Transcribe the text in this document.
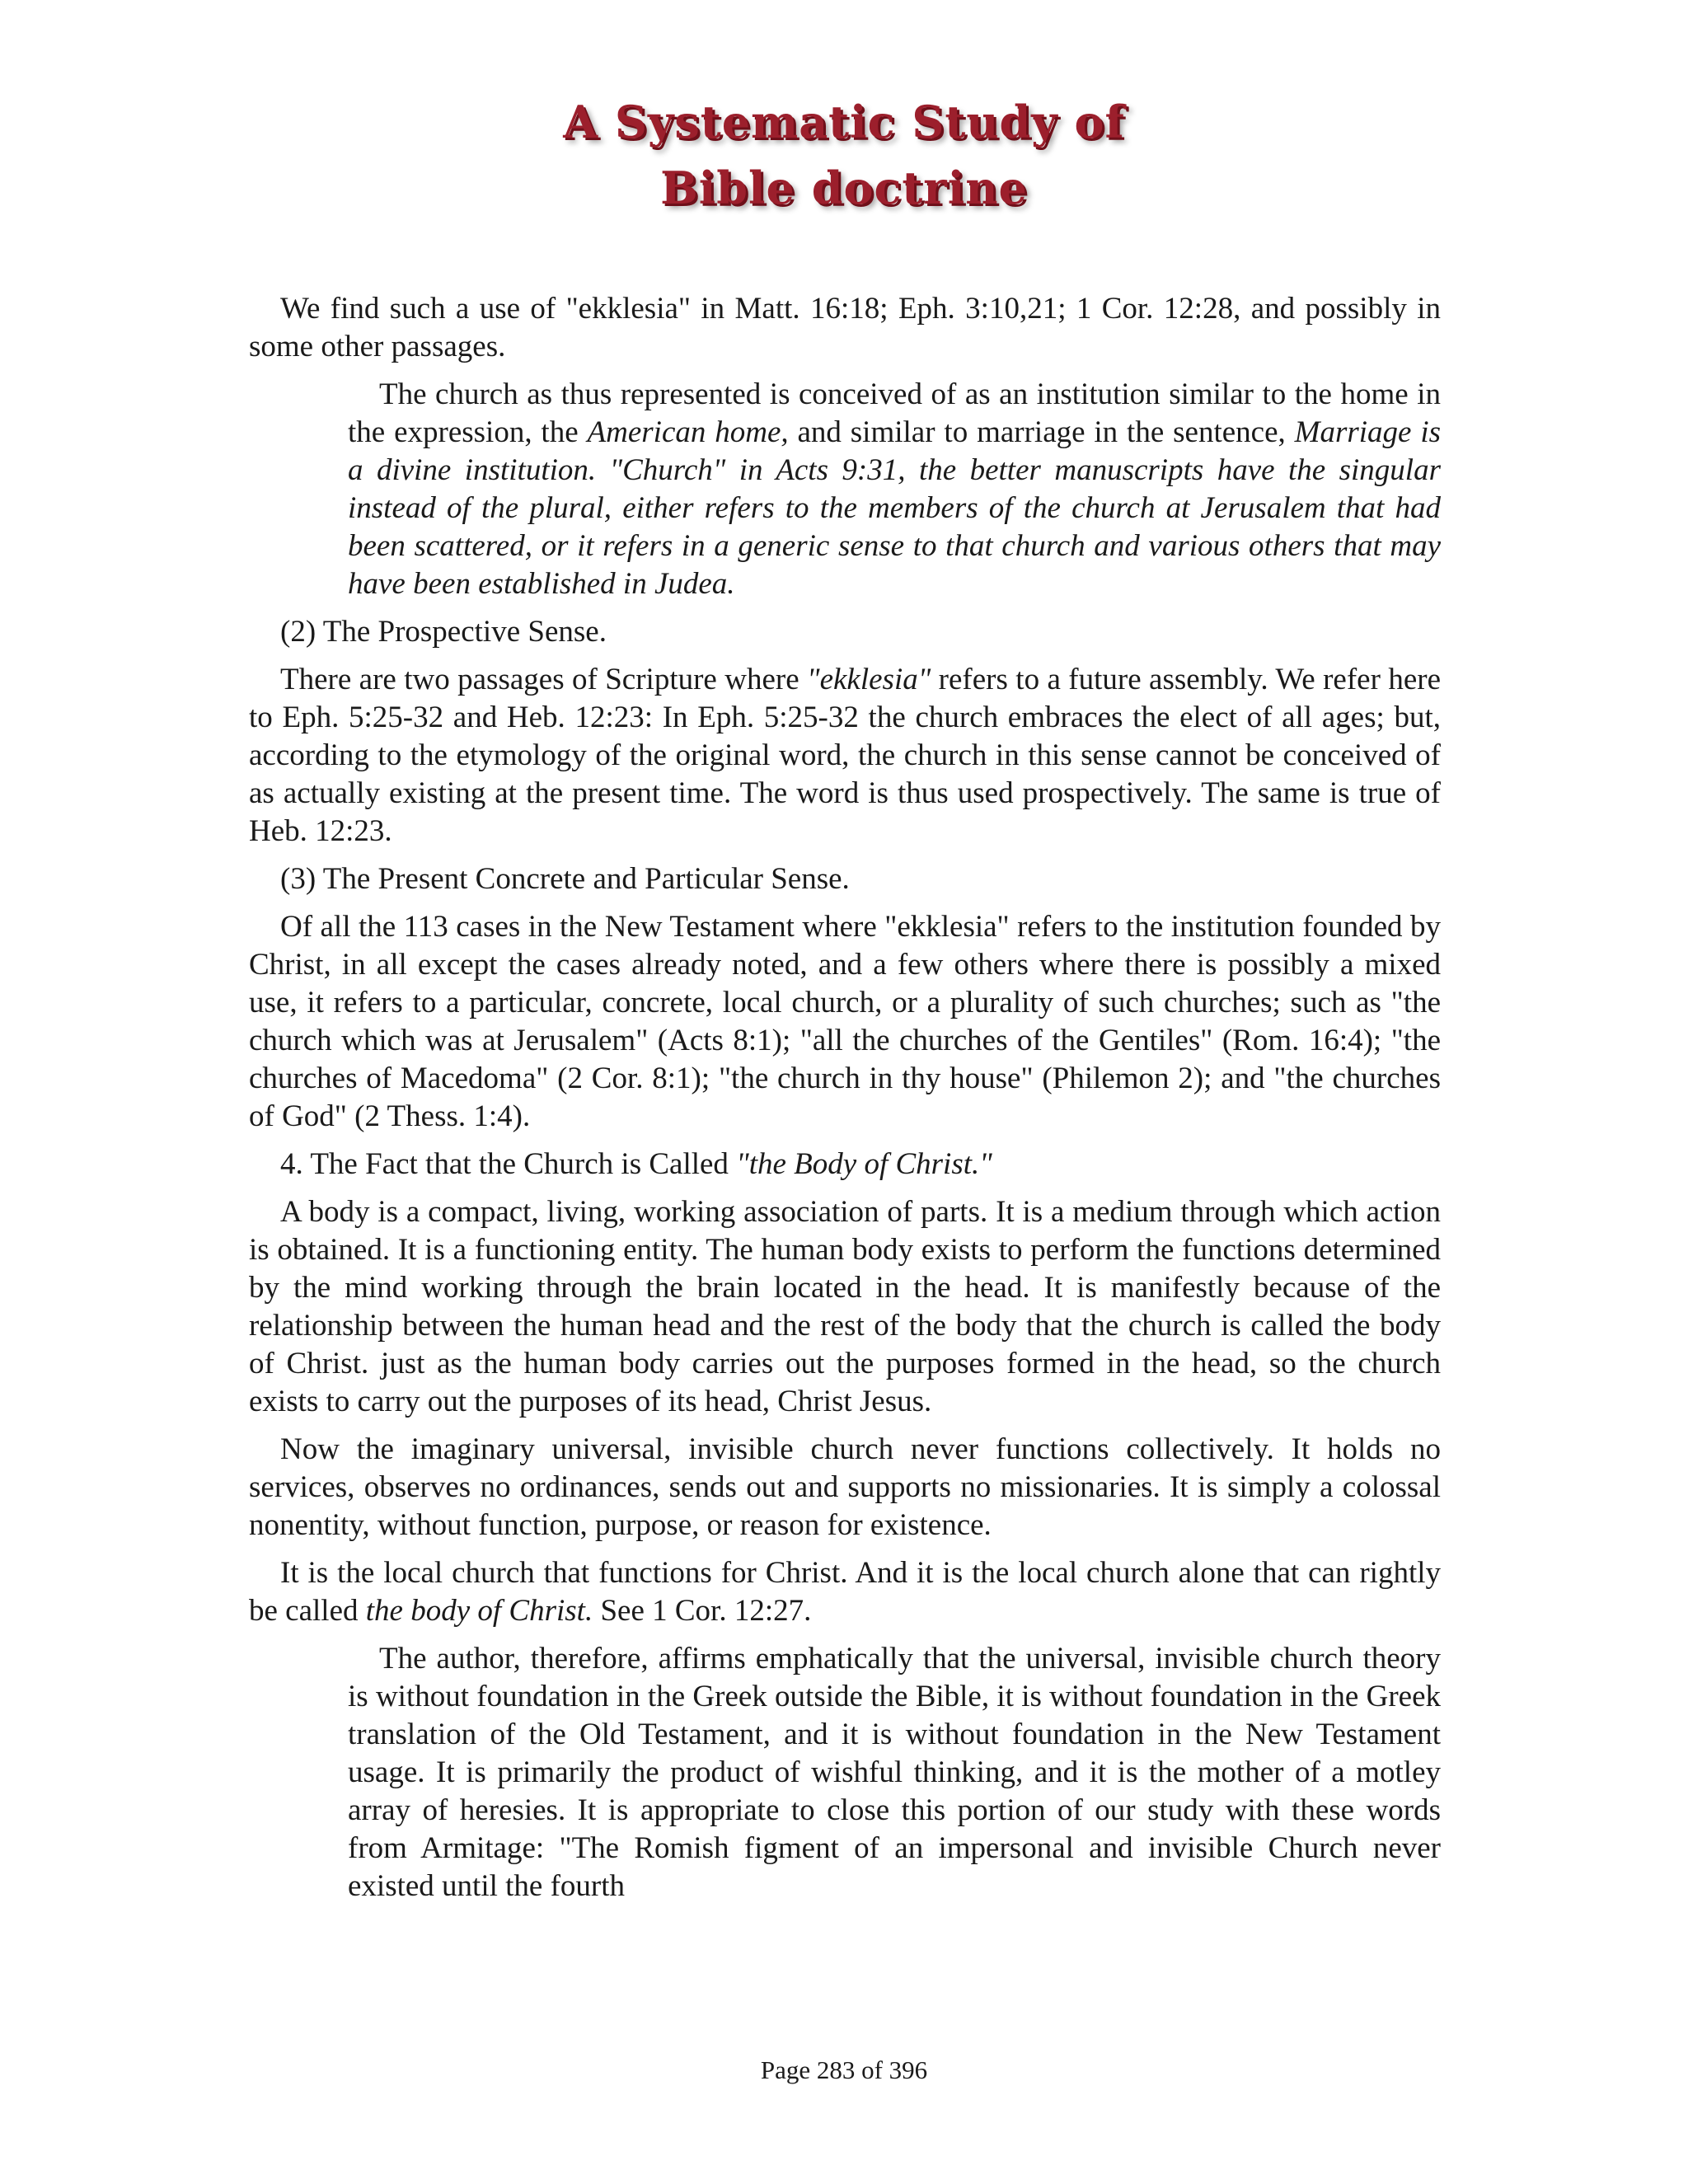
A Systematic Study of
Bible doctrine

We find such a use of "ekklesia" in Matt. 16:18; Eph. 3:10,21; 1 Cor. 12:28, and possibly in some other passages.

The church as thus represented is conceived of as an institution similar to the home in the expression, the American home, and similar to marriage in the sentence, Marriage is a divine institution. "Church" in Acts 9:31, the better manuscripts have the singular instead of the plural, either refers to the members of the church at Jerusalem that had been scattered, or it refers in a generic sense to that church and various others that may have been established in Judea.

(2) The Prospective Sense.

There are two passages of Scripture where "ekklesia" refers to a future assembly. We refer here to Eph. 5:25-32 and Heb. 12:23: In Eph. 5:25-32 the church embraces the elect of all ages; but, according to the etymology of the original word, the church in this sense cannot be conceived of as actually existing at the present time. The word is thus used prospectively. The same is true of Heb. 12:23.

(3) The Present Concrete and Particular Sense.

Of all the 113 cases in the New Testament where "ekklesia" refers to the institution founded by Christ, in all except the cases already noted, and a few others where there is possibly a mixed use, it refers to a particular, concrete, local church, or a plurality of such churches; such as "the church which was at Jerusalem" (Acts 8:1); "all the churches of the Gentiles" (Rom. 16:4); "the churches of Macedoma" (2 Cor. 8:1); "the church in thy house" (Philemon 2); and "the churches of God" (2 Thess. 1:4).

4. The Fact that the Church is Called "the Body of Christ."

A body is a compact, living, working association of parts. It is a medium through which action is obtained. It is a functioning entity. The human body exists to perform the functions determined by the mind working through the brain located in the head. It is manifestly because of the relationship between the human head and the rest of the body that the church is called the body of Christ. just as the human body carries out the purposes formed in the head, so the church exists to carry out the purposes of its head, Christ Jesus.

Now the imaginary universal, invisible church never functions collectively. It holds no services, observes no ordinances, sends out and supports no missionaries. It is simply a colossal nonentity, without function, purpose, or reason for existence.

It is the local church that functions for Christ. And it is the local church alone that can rightly be called the body of Christ. See 1 Cor. 12:27.

The author, therefore, affirms emphatically that the universal, invisible church theory is without foundation in the Greek outside the Bible, it is without foundation in the Greek translation of the Old Testament, and it is without foundation in the New Testament usage. It is primarily the product of wishful thinking, and it is the mother of a motley array of heresies. It is appropriate to close this portion of our study with these words from Armitage: "The Romish figment of an impersonal and invisible Church never existed until the fourth

Page 283 of 396
